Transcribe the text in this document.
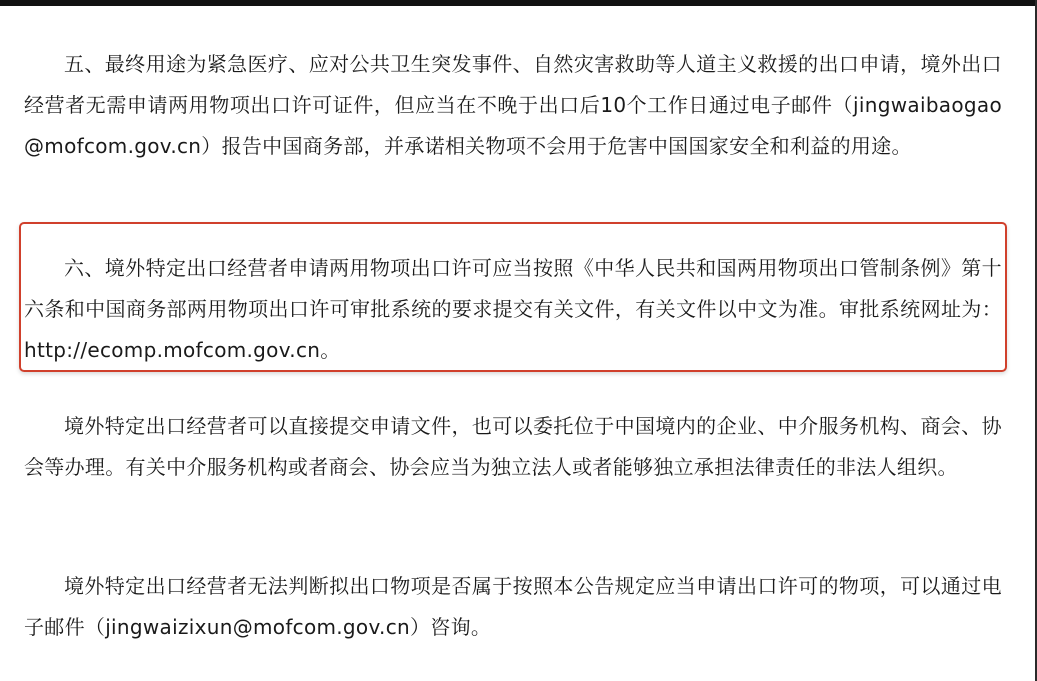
五、最终用途为紧急医疗、应对公共卫生突发事件、自然灾害救助等人道主义救援的出口申请，境外出口经营者无需申请两用物项出口许可证件，但应当在不晚于出口后10个工作日通过电子邮件（jingwaibaogao@mofcom.gov.cn）报告中国商务部，并承诺相关物项不会用于危害中国国家安全和利益的用途。

六、境外特定出口经营者申请两用物项出口许可应当按照《中华人民共和国两用物项出口管制条例》第十六条和中国商务部两用物项出口许可审批系统的要求提交有关文件，有关文件以中文为准。审批系统网址为：http://ecomp.mofcom.gov.cn。

境外特定出口经营者可以直接提交申请文件，也可以委托位于中国境内的企业、中介服务机构、商会、协会等办理。有关中介服务机构或者商会、协会应当为独立法人或者能够独立承担法律责任的非法人组织。

境外特定出口经营者无法判断拟出口物项是否属于按照本公告规定应当申请出口许可的物项，可以通过电子邮件（jingwaizixun@mofcom.gov.cn）咨询。
